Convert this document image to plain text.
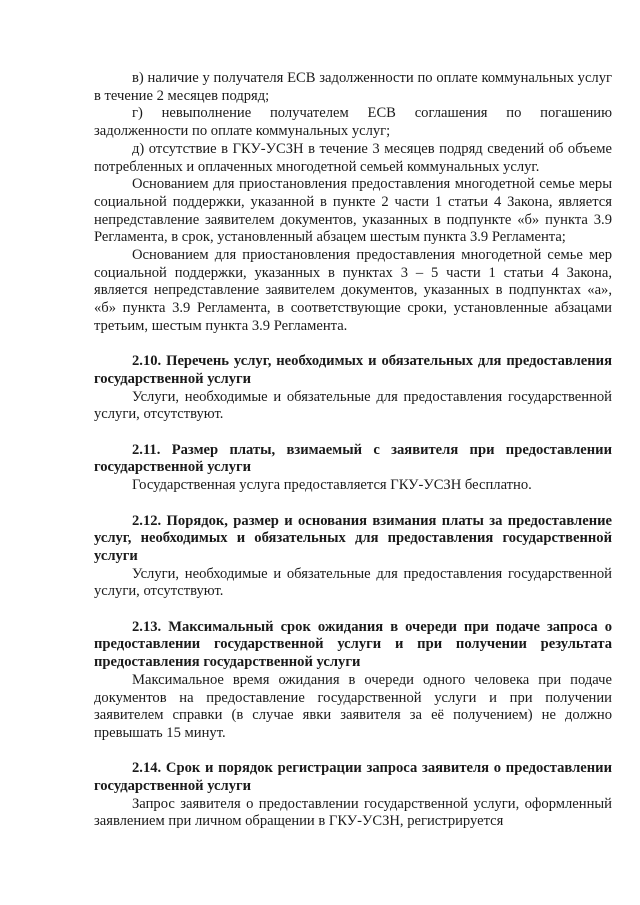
в) наличие у получателя ЕСВ задолженности по оплате коммунальных услуг в течение 2 месяцев подряд;

г) невыполнение получателем ЕСВ соглашения по погашению задолженности по оплате коммунальных услуг;

д) отсутствие в ГКУ-УСЗН в течение 3 месяцев подряд сведений об объеме потребленных и оплаченных многодетной семьей коммунальных услуг.

Основанием для приостановления предоставления многодетной семье меры социальной поддержки, указанной в пункте 2 части 1 статьи 4 Закона, является непредставление заявителем документов, указанных в подпункте «б» пункта 3.9 Регламента, в срок, установленный абзацем шестым пункта 3.9 Регламента;

Основанием для приостановления предоставления многодетной семье мер социальной поддержки, указанных в пунктах 3 – 5 части 1 статьи 4 Закона, является непредставление заявителем документов, указанных в подпунктах «а», «б» пункта 3.9 Регламента, в соответствующие сроки, установленные абзацами третьим, шестым пункта 3.9 Регламента.

2.10. Перечень услуг, необходимых и обязательных для предоставления государственной услуги

Услуги, необходимые и обязательные для предоставления государственной услуги, отсутствуют.

2.11. Размер платы, взимаемый с заявителя при предоставлении государственной услуги

Государственная услуга предоставляется ГКУ-УСЗН бесплатно.

2.12. Порядок, размер и основания взимания платы за предоставление услуг, необходимых и обязательных для предоставления государственной услуги

Услуги, необходимые и обязательные для предоставления государственной услуги, отсутствуют.

2.13. Максимальный срок ожидания в очереди при подаче запроса о предоставлении государственной услуги и при получении результата предоставления государственной услуги

Максимальное время ожидания в очереди одного человека при подаче документов на предоставление государственной услуги и при получении заявителем справки (в случае явки заявителя за её получением) не должно превышать 15 минут.

2.14. Срок и порядок регистрации запроса заявителя о предоставлении государственной услуги

Запрос заявителя о предоставлении государственной услуги, оформленный заявлением при личном обращении в ГКУ-УСЗН, регистрируется
